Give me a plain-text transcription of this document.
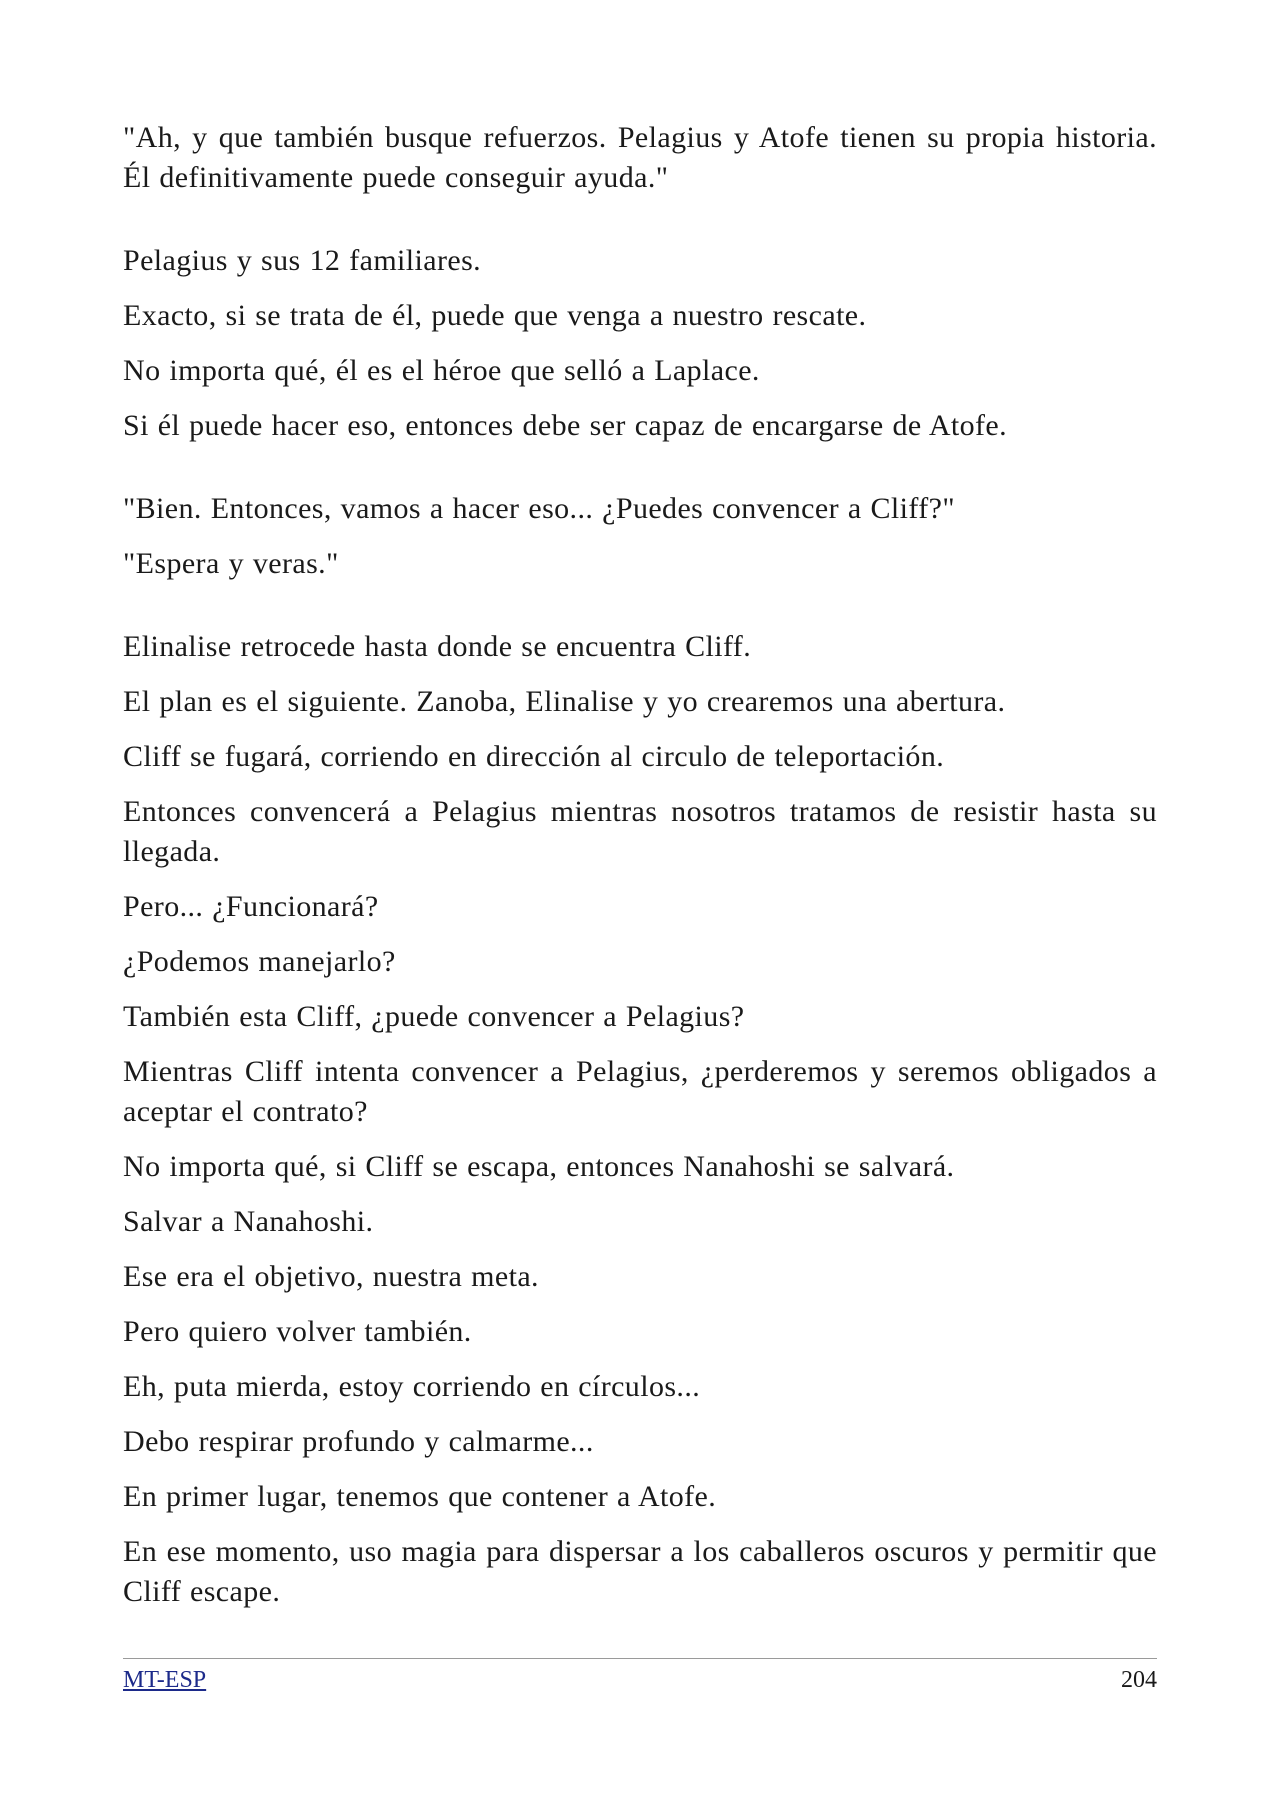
"Ah, y que también busque refuerzos. Pelagius y Atofe tienen su propia historia. Él definitivamente puede conseguir ayuda."

Pelagius y sus 12 familiares.

Exacto, si se trata de él, puede que venga a nuestro rescate.

No importa qué, él es el héroe que selló a Laplace.

Si él puede hacer eso, entonces debe ser capaz de encargarse de Atofe.

"Bien. Entonces, vamos a hacer eso... ¿Puedes convencer a Cliff?"

"Espera y veras."

Elinalise retrocede hasta donde se encuentra Cliff.

El plan es el siguiente. Zanoba, Elinalise y yo crearemos una abertura.

Cliff se fugará, corriendo en dirección al circulo de teleportación.

Entonces convencerá a Pelagius mientras nosotros tratamos de resistir hasta su llegada.

Pero... ¿Funcionará?

¿Podemos manejarlo?

También esta Cliff, ¿puede convencer a Pelagius?

Mientras Cliff intenta convencer a Pelagius, ¿perderemos y seremos obligados a aceptar el contrato?

No importa qué, si Cliff se escapa, entonces Nanahoshi se salvará.

Salvar a Nanahoshi.

Ese era el objetivo, nuestra meta.

Pero quiero volver también.

Eh, puta mierda, estoy corriendo en círculos...

Debo respirar profundo y calmarme...

En primer lugar, tenemos que contener a Atofe.

En ese momento, uso magia para dispersar a los caballeros oscuros y permitir que Cliff escape.

MT-ESP	204
